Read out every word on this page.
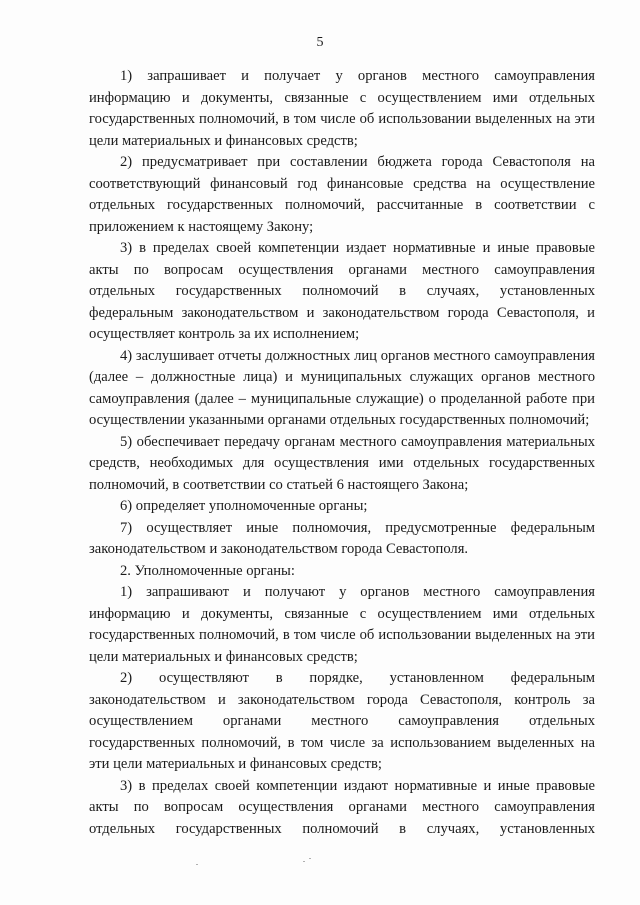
5

1) запрашивает и получает у органов местного самоуправления информацию и документы, связанные с осуществлением ими отдельных государственных полномочий, в том числе об использовании выделенных на эти цели материальных и финансовых средств;

2) предусматривает при составлении бюджета города Севастополя на соответствующий финансовый год финансовые средства на осуществление отдельных государственных полномочий, рассчитанные в соответствии с приложением к настоящему Закону;

3) в пределах своей компетенции издает нормативные и иные правовые акты по вопросам осуществления органами местного самоуправления отдельных государственных полномочий в случаях, установленных федеральным законодательством и законодательством города Севастополя, и осуществляет контроль за их исполнением;

4) заслушивает отчеты должностных лиц органов местного самоуправления (далее – должностные лица) и муниципальных служащих органов местного самоуправления (далее – муниципальные служащие) о проделанной работе при осуществлении указанными органами отдельных государственных полномочий;

5) обеспечивает передачу органам местного самоуправления материальных средств, необходимых для осуществления ими отдельных государственных полномочий, в соответствии со статьей 6 настоящего Закона;

6) определяет уполномоченные органы;

7) осуществляет иные полномочия, предусмотренные федеральным законодательством и законодательством города Севастополя.

2. Уполномоченные органы:

1) запрашивают и получают у органов местного самоуправления информацию и документы, связанные с осуществлением ими отдельных государственных полномочий, в том числе об использовании выделенных на эти цели материальных и финансовых средств;

2) осуществляют в порядке, установленном федеральным законодательством и законодательством города Севастополя, контроль за осуществлением органами местного самоуправления отдельных государственных полномочий, в том числе за использованием выделенных на эти цели материальных и финансовых средств;

3) в пределах своей компетенции издают нормативные и иные правовые акты по вопросам осуществления органами местного самоуправления отдельных государственных полномочий в случаях, установленных
